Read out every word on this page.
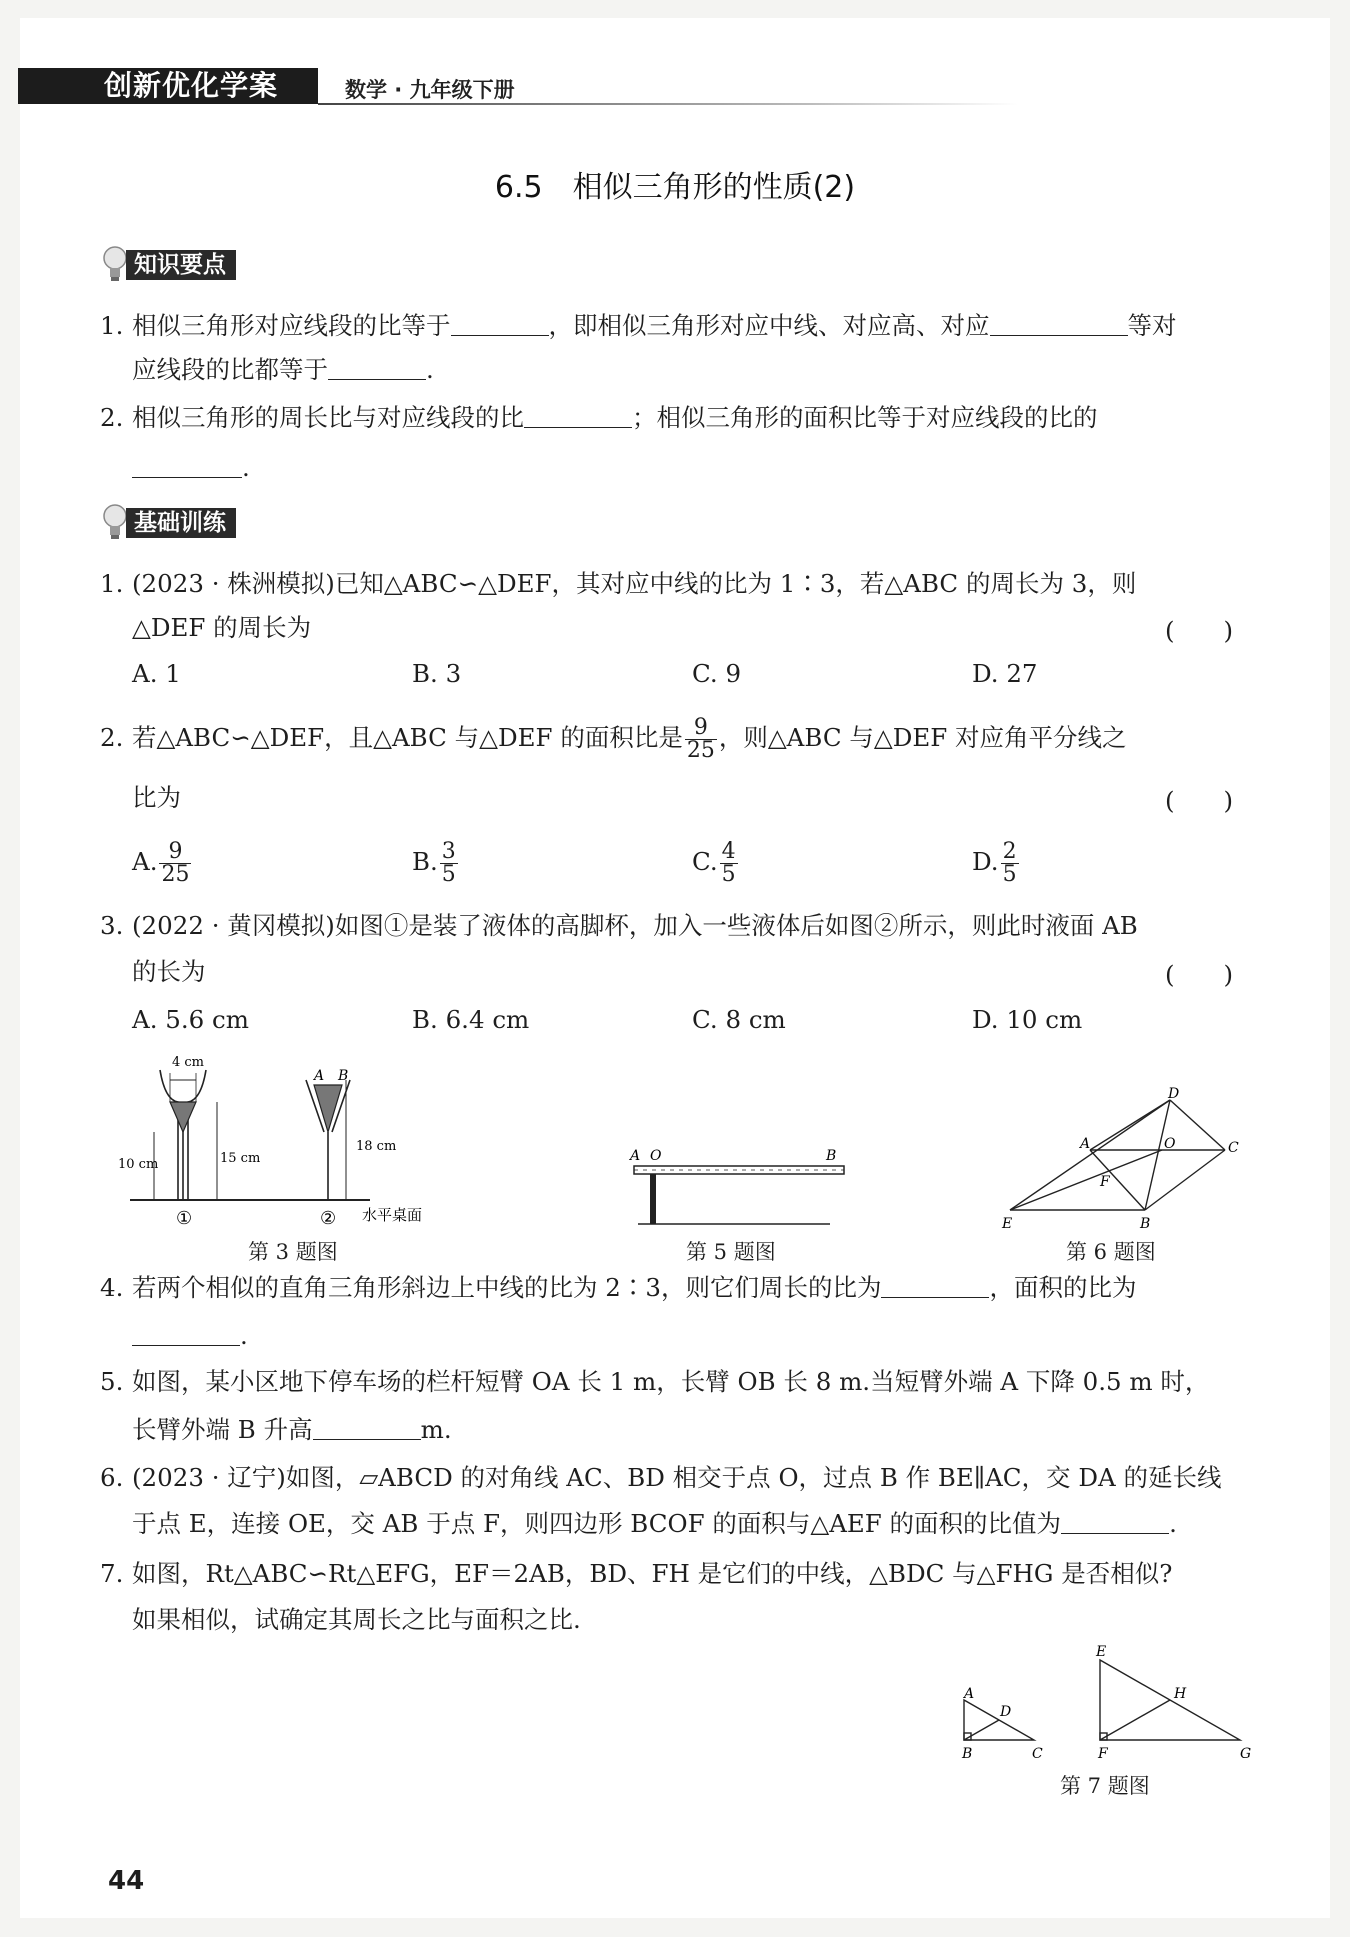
创新优化学案	数学 · 九年级下册
6.5　相似三角形的性质(2)
知识要点
1. 相似三角形对应线段的比等于	，即相似三角形对应中线、对应高、对应	等对
应线段的比都等于	.
2. 相似三角形的周长比与对应线段的比	；相似三角形的面积比等于对应线段的比的
.
基础训练
1. (2023 · 株洲模拟)已知△ABC∽△DEF，其对应中线的比为 1∶3，若△ABC 的周长为 3，则
△DEF 的周长为	(　　)
A. 1	B. 3	C. 9	D. 27
2. 若△ABC∽△DEF，且△ABC 与△DEF 的面积比是 $\frac{9}{25}$ ，则△ABC 与△DEF 对应角平分线之
比为	(　　)
A. $\frac{9}{25}$	B. $\frac{3}{5}$	C. $\frac{4}{5}$	D. $\frac{2}{5}$
3. (2022 · 黄冈模拟)如图①是装了液体的高脚杯，加入一些液体后如图②所示，则此时液面 AB
的长为	(　　)
A. 5.6 cm	B. 6.4 cm	C. 8 cm	D. 10 cm
4 cm
10 cm	15 cm
①
A B
18 cm
水平桌面
②
第 3 题图
A O	B
第 5 题图
D
A	O	C
F
E	B
第 6 题图
4. 若两个相似的直角三角形斜边上中线的比为 2∶3，则它们周长的比为	，面积的比为
.
5. 如图，某小区地下停车场的栏杆短臂 OA 长 1 m，长臂 OB 长 8 m.当短臂外端 A 下降 0.5 m 时，
长臂外端 B 升高	m.
6. (2023 · 辽宁)如图，▱ABCD 的对角线 AC、BD 相交于点 O，过点 B 作 BE∥AC，交 DA 的延长线
于点 E，连接 OE，交 AB 于点 F，则四边形 BCOF 的面积与△AEF 的面积的比值为	.
7. 如图，Rt△ABC∽Rt△EFG，EF＝2AB，BD、FH 是它们的中线，△BDC 与△FHG 是否相似?
如果相似，试确定其周长之比与面积之比.
A
D
B	C
E
H
F	G
第 7 题图
44
